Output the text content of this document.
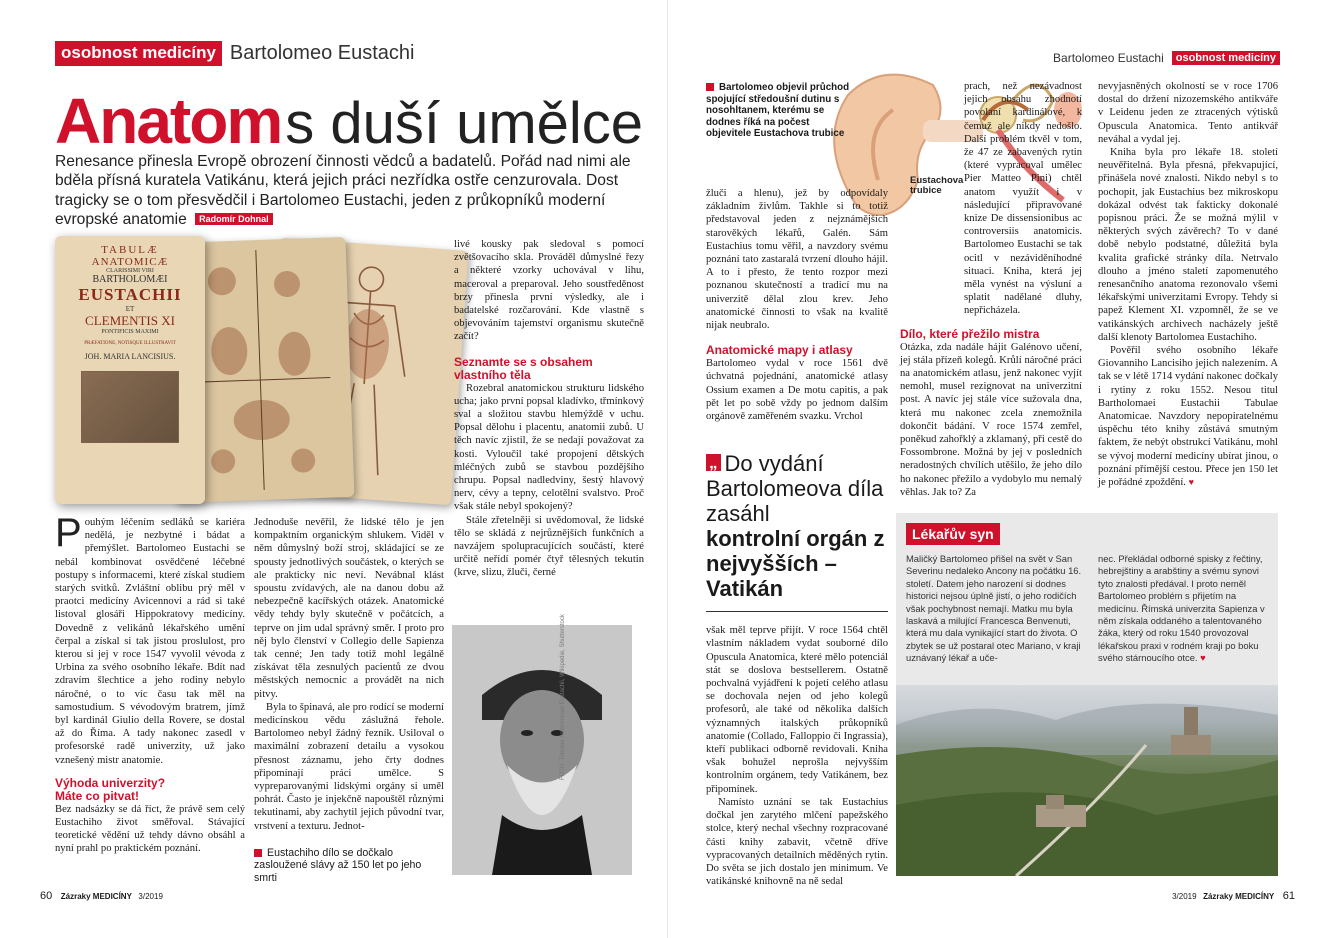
osobnost medicíny Bartolomeo Eustachi
Anatom s duší umělce
Renesance přinesla Evropě obrození činnosti vědců a badatelů. Pořád nad nimi ale bděla přísná kuratela Vatikánu, která jejich práci nezřídka ostře cenzurovala. Dost tragicky se o tom přesvědčil i Bartolomeo Eustachi, jeden z průkopníků moderní evropské anatomie Radomír Dohnal
TABULÆ
ANATOMICÆ
CLARISSIMI VIRI
BARTHOLOMÆI
EUSTACHII
ET
CLEMENTIS XI
PONTIFICIS MAXIMI
PRÆFATIONE, NOTISQUE ILLUSTRAVIT
JOH. MARIA LANCISIUS.

Pouhým léčením sedláků se kariéra nedělá, je nezbytné i bádat a přemýšlet. Bartolomeo Eustachi se nebál kombinovat osvědčené léčebné postupy s informacemi, které získal studiem starých svitků. Zvláštní oblibu prý měl v praotci medicíny Avicennovi a rád si také listoval glosáři Hippokratovy medicíny. Dovedně z velikánů lékařského umění čerpal a získal si tak jistou proslulost, pro kterou si jej v roce 1547 vyvolil vévoda z Urbina za svého osobního lékaře. Bdít nad zdravím šlechtice a jeho rodiny nebylo náročné, o to víc času tak měl na samostudium. S vévodovým bratrem, jímž byl kardinál Giulio della Rovere, se dostal až do Říma. A tady nakonec zasedl v profesorské radě univerzity, už jako vznešený mistr anatomie.

Výhoda univerzity? Máte co pitvat!

Bez nadsázky se dá říct, že právě sem celý Eustachiho život směřoval. Stávající teoretické vědění už tehdy dávno obsáhl a nyní prahl po praktickém poznání.

Jednoduše nevěřil, že lidské tělo je jen kompaktním organickým shlukem. Viděl v něm důmyslný boží stroj, skládající se ze spousty jednotlivých součástek, o kterých se ale prakticky nic neví. Nevábnal klást spoustu zvídavých, ale na danou dobu až nebezpečně kacířských otázek. Anatomické vědy tehdy byly skutečně v počátcích, a teprve on jim udal správný směr. I proto pro něj bylo členství v Collegio delle Sapienza tak cenné; Jen tady totiž mohl legálně získávat těla zesnulých pacientů ze dvou městských nemocnic a provádět na nich pitvy.

Byla to špinavá, ale pro rodící se moderní medicínskou vědu záslužná řehole. Bartolomeo nebyl žádný řezník. Usiloval o maximální zobrazení detailu a vysokou přesnost záznamu, jeho črty dodnes připomínají práci umělce. S vypreparovanými lidskými orgány si uměl pohrát. Často je injekčně napouštěl různými tekutinami, aby zachytil jejich původní tvar, vrstvení a texturu. Jednot-

Eustachiho dílo se dočkalo zasloužené slávy až 150 let po jeho smrti

livé kousky pak sledoval s pomocí zvětšovacího skla. Prováděl důmyslné řezy a některé vzorky uchovával v lihu, maceroval a preparoval. Jeho soustředěnost brzy přinesla první výsledky, ale i badatelské rozčarování. Kde vlastně s objevováním tajemství organismu skutečně začít?

Seznamte se s obsahem vlastního těla

Rozebral anatomickou strukturu lidského ucha; jako první popsal kladívko, třmínkový sval a složitou stavbu hlemýždě v uchu. Popsal dělohu i placentu, anatomii zubů. U těch navíc zjistil, že se nedají považovat za kosti. Vyloučil také propojení dětských mléčných zubů se stavbou pozdějšího chrupu. Popsal nadledviny, šestý hlavový nerv, cévy a tepny, celotělní svalstvo. Proč však stále nebyl spokojený?

Stále zřetelněji si uvědomoval, že lidské tělo se skládá z nejrůznějších funkčních a navzájem spolupracujících součástí, které určitě neřídí pomér čtyř tělesných tekutin (krve, slizu, žluči, černé

FOTO: Tabulae Anatomicae Eustachii, Wikipedie, Shutterstock
60 Zázraky MEDICÍNY 3/2019
Bartolomeo Eustachi	osobnost medicíny
Eustachova trubice
Bartolomeo objevil průchod spojující středoušní dutinu s nosohltanem, kterému se dodnes říká na počest objevitele Eustachova trubice

žluči a hlenu), jež by odpovídaly základním živlům. Takhle si to totiž představoval jeden z nejznámějších starověkých lékařů, Galén. Sám Eustachius tomu věřil, a navzdory svému poznání tato zastaralá tvrzení dlouho hájil. A to i přesto, že tento rozpor mezi poznanou skutečností a tradicí mu na univerzitě dělal zlou krev. Jeho anatomické činnosti to však na kvalitě nijak neubralo.

Anatomické mapy i atlasy

Bartolomeo vydal v roce 1561 dvě úchvatná pojednání, anatomické atlasy Ossium examen a De motu capitis, a pak pět let po sobě vždy po jednom dalším orgánově zaměřeném svazku. Vrchol

„ Do vydání Bartolomeova díla zasáhl
kontrolní orgán z nejvyšších – Vatikán

však měl teprve přijít. V roce 1564 chtěl vlastním nákladem vydat souborné dílo Opuscula Anatomica, které mělo potenciál stát se doslova bestsellerem. Ostatně pochvalná vyjádření k pojetí celého atlasu se dochovala nejen od jeho kolegů profesorů, ale také od několika dalších významných italských průkopníků anatomie (Collado, Falloppio či Ingrassia), kteří publikaci odborně revidovali. Kniha však bohužel neprošla nejvyšším kontrolním orgánem, tedy Vatikánem, bez připomínek.

Namísto uznání se tak Eustachius dočkal jen zarytého mlčení papežského stolce, který nechal všechny rozpracované části knihy zabavit, včetně dříve vypracovaných detailních měděných rytin. Do světa se jich dostalo jen minimum. Ve vatikánské knihovně na ně sedal

prach, než nezávadnost jejich obsahu zhodnotí povolaní kardinálové, k čemuž ale nikdy nedošlo. Další problém tkvěl v tom, že 47 ze zabavených rytin (které vypracoval umělec Pier Matteo Pini) chtěl anatom využít i v následující připravované knize De dissensionibus ac controversiis anatomicis. Bartolomeo Eustachi se tak ocitl v nezáviděníhodné situaci. Kniha, která jej měla vynést na výsluní a splatit nadělané dluhy, nepřicházela.

Dílo, které přežilo mistra

Otázka, zda nadále hájit Galénovo učení, jej stála přízeň kolegů. Krůlí náročné práci na anatomickém atlasu, jenž nakonec vyjít nemohl, musel rezignovat na univerzitní post. A navíc jej stále více sužovala dna, která mu nakonec zcela znemožnila dokončit bádání. V roce 1574 zemřel, poněkud zahořklý a zklamaný, při cestě do Fossombrone. Možná by jej v posledních neradostných chvílích utěšilo, že jeho dílo ho nakonec přežilo a vydobylo mu nemalý věhlas. Jak to? Za

nevyjasněných okolností se v roce 1706 dostal do držení nizozemského antikváře v Leidenu jeden ze ztracených výtisků Opuscula Anatomica. Tento antikvář neváhal a vydal jej.

Kniha byla pro lékaře 18. století neuvěřitelná. Byla přesná, překvapující, přinášela nové znalosti. Nikdo nebyl s to pochopit, jak Eustachius bez mikroskopu dokázal odvést tak fakticky dokonalé popisnou práci. Že se možná mýlil v některých svých závěrech? To v dané době nebylo podstatné, důležitá byla kvalita grafické stránky díla. Netrvalo dlouho a jméno staletí zapomenutého renesančního anatoma rezonovalo všemi lékařskými univerzitami Evropy. Tehdy si papež Klement XI. vzpomněl, že se ve vatikánských archivech nacházely ještě další klenoty Bartolomea Eustachiho.

Pověřil svého osobního lékaře Giovanniho Lancisiho jejich nalezením. A tak se v létě 1714 vydání nakonec dočkaly i rytiny z roku 1552. Nesou titul Bartholomaei Eustachii Tabulae Anatomicae. Navzdory nepopiratelnému úspěchu této knihy zůstává smutným faktem, že nebýt obstrukcí Vatikánu, mohl se vývoj moderní medicíny ubírat jinou, o poznání přímější cestou. Přece jen 150 let je pořádné zpoždění. ♥

Lékařův syn
Maličký Bartolomeo přišel na svět v San Severinu nedaleko Ancony na počátku 16. století. Datem jeho narození si dodnes historici nejsou úplně jistí, o jeho rodičích však pochybnost nemají. Matku mu byla laskavá a milující Francesca Benvenuti, která mu dala vynikající start do života. O zbytek se už postaral otec Mariano, v kraji uznávaný lékař a uče-
nec. Překládal odborné spisky z řečtiny, hebrejštiny a arabštiny a svému synovi tyto znalosti předával. I proto neměl Bartolomeo problém s přijetím na medicínu. Římská univerzita Sapienza v něm získala oddaného a talentovaného žáka, který od roku 1540 provozoval lékařskou praxi v rodném kraji po boku svého stárnoucího otce. ♥
3/2019 Zázraky MEDICÍNY 61
